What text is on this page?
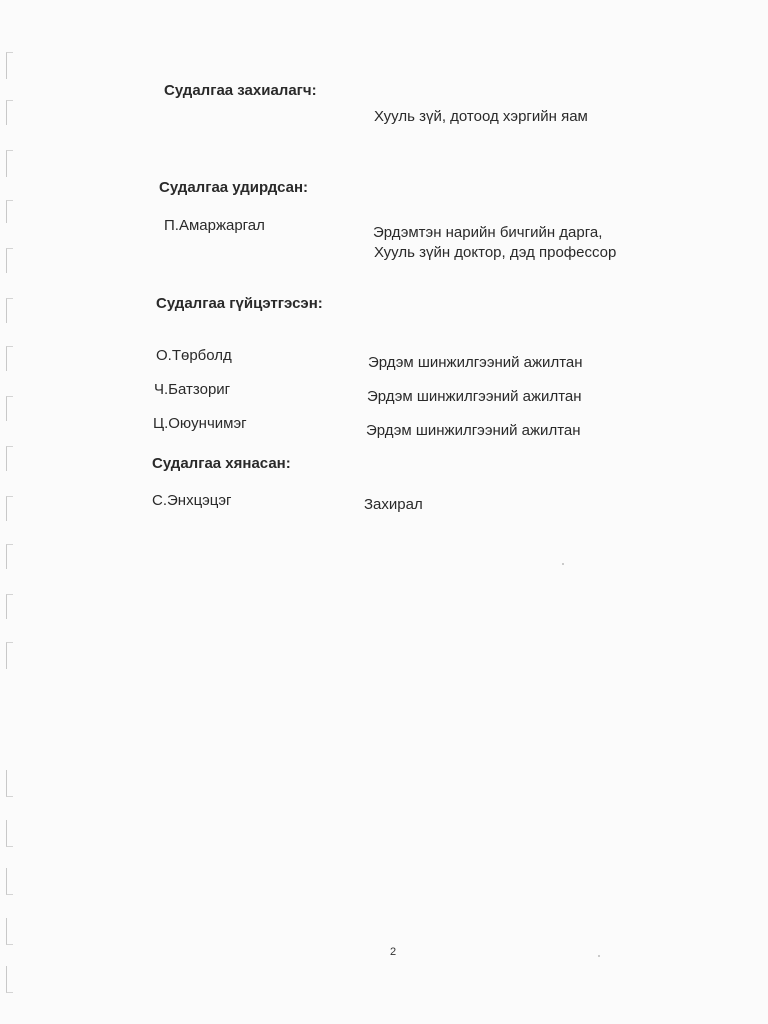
Судалгаа захиалагч:
Хууль зүй, дотоод хэргийн яам
Судалгаа удирдсан:
П.Амаржаргал	Эрдэмтэн нарийн бичгийн дарга,
Хууль зүйн доктор, дэд профессор
Судалгаа гүйцэтгэсэн:
О.Төрболд	Эрдэм шинжилгээний ажилтан
Ч.Батзориг	Эрдэм шинжилгээний ажилтан
Ц.Оюунчимэг	Эрдэм шинжилгээний ажилтан
Судалгаа хянасан:
С.Энхцэцэг	Захирал
2
